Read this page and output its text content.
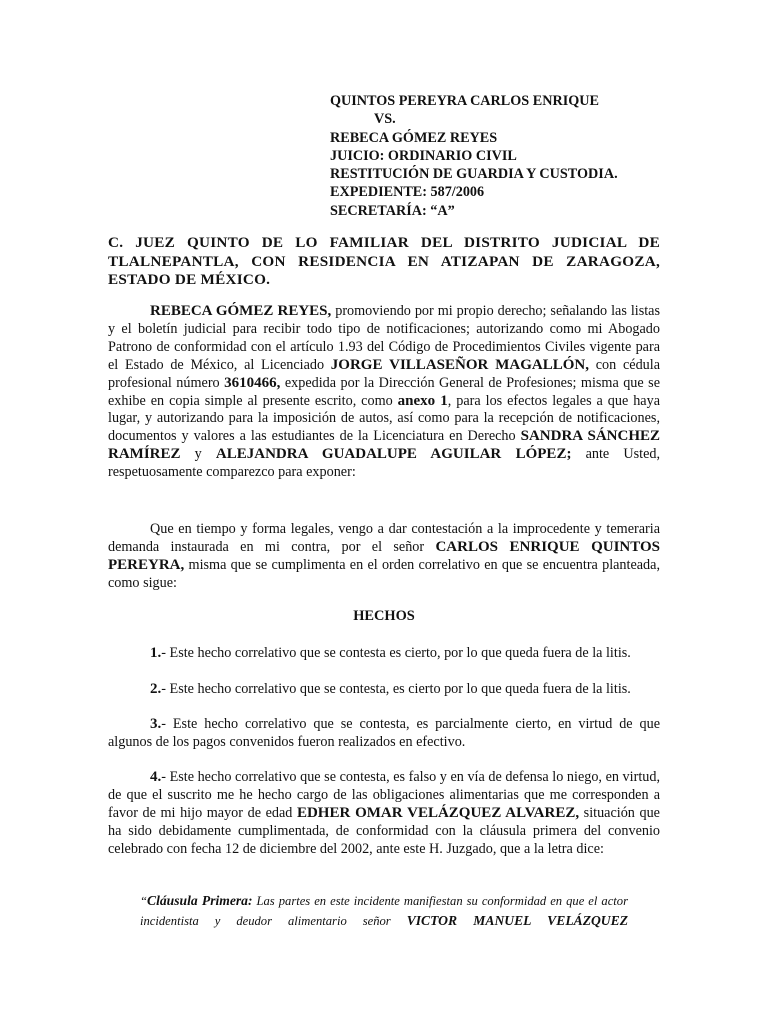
QUINTOS PEREYRA CARLOS ENRIQUE
VS.
REBECA GÓMEZ REYES
JUICIO: ORDINARIO CIVIL
RESTITUCIÓN DE GUARDIA Y CUSTODIA.
EXPEDIENTE: 587/2006
SECRETARÍA: “A”
C. JUEZ QUINTO DE LO FAMILIAR DEL DISTRITO JUDICIAL DE TLALNEPANTLA, CON RESIDENCIA EN ATIZAPAN DE ZARAGOZA, ESTADO DE MÉXICO.
REBECA GÓMEZ REYES, promoviendo por mi propio derecho; señalando las listas y el boletín judicial para recibir todo tipo de notificaciones; autorizando como mi Abogado Patrono de conformidad con el artículo 1.93 del Código de Procedimientos Civiles vigente para el Estado de México, al Licenciado JORGE VILLASEÑOR MAGALLÓN, con cédula profesional número 3610466, expedida por la Dirección General de Profesiones; misma que se exhibe en copia simple al presente escrito, como anexo 1, para los efectos legales a que haya lugar, y autorizando para la imposición de autos, así como para la recepción de notificaciones, documentos y valores a las estudiantes de la Licenciatura en Derecho SANDRA SÁNCHEZ RAMÍREZ y ALEJANDRA GUADALUPE AGUILAR LÓPEZ; ante Usted, respetuosamente comparezco para exponer:
Que en tiempo y forma legales, vengo a dar contestación a la improcedente y temeraria demanda instaurada en mi contra, por el señor CARLOS ENRIQUE QUINTOS PEREYRA, misma que se cumplimenta en el orden correlativo en que se encuentra planteada, como sigue:
HECHOS
1.- Este hecho correlativo que se contesta es cierto, por lo que queda fuera de la litis.
2.- Este hecho correlativo que se contesta, es cierto por lo que queda fuera de la litis.
3.- Este hecho correlativo que se contesta, es parcialmente cierto, en virtud de que algunos de los pagos convenidos fueron realizados en efectivo.
4.- Este hecho correlativo que se contesta, es falso y en vía de defensa lo niego, en virtud, de que el suscrito me he hecho cargo de las obligaciones alimentarias que me corresponden a favor de mi hijo mayor de edad EDHER OMAR VELÁZQUEZ ALVAREZ, situación que ha sido debidamente cumplimentada, de conformidad con la cláusula primera del convenio celebrado con fecha 12 de diciembre del 2002, ante este H. Juzgado, que a la letra dice:
“Cláusula Primera: Las partes en este incidente manifiestan su conformidad en que el actor incidentista y deudor alimentario señor VICTOR MANUEL VELÁZQUEZ
